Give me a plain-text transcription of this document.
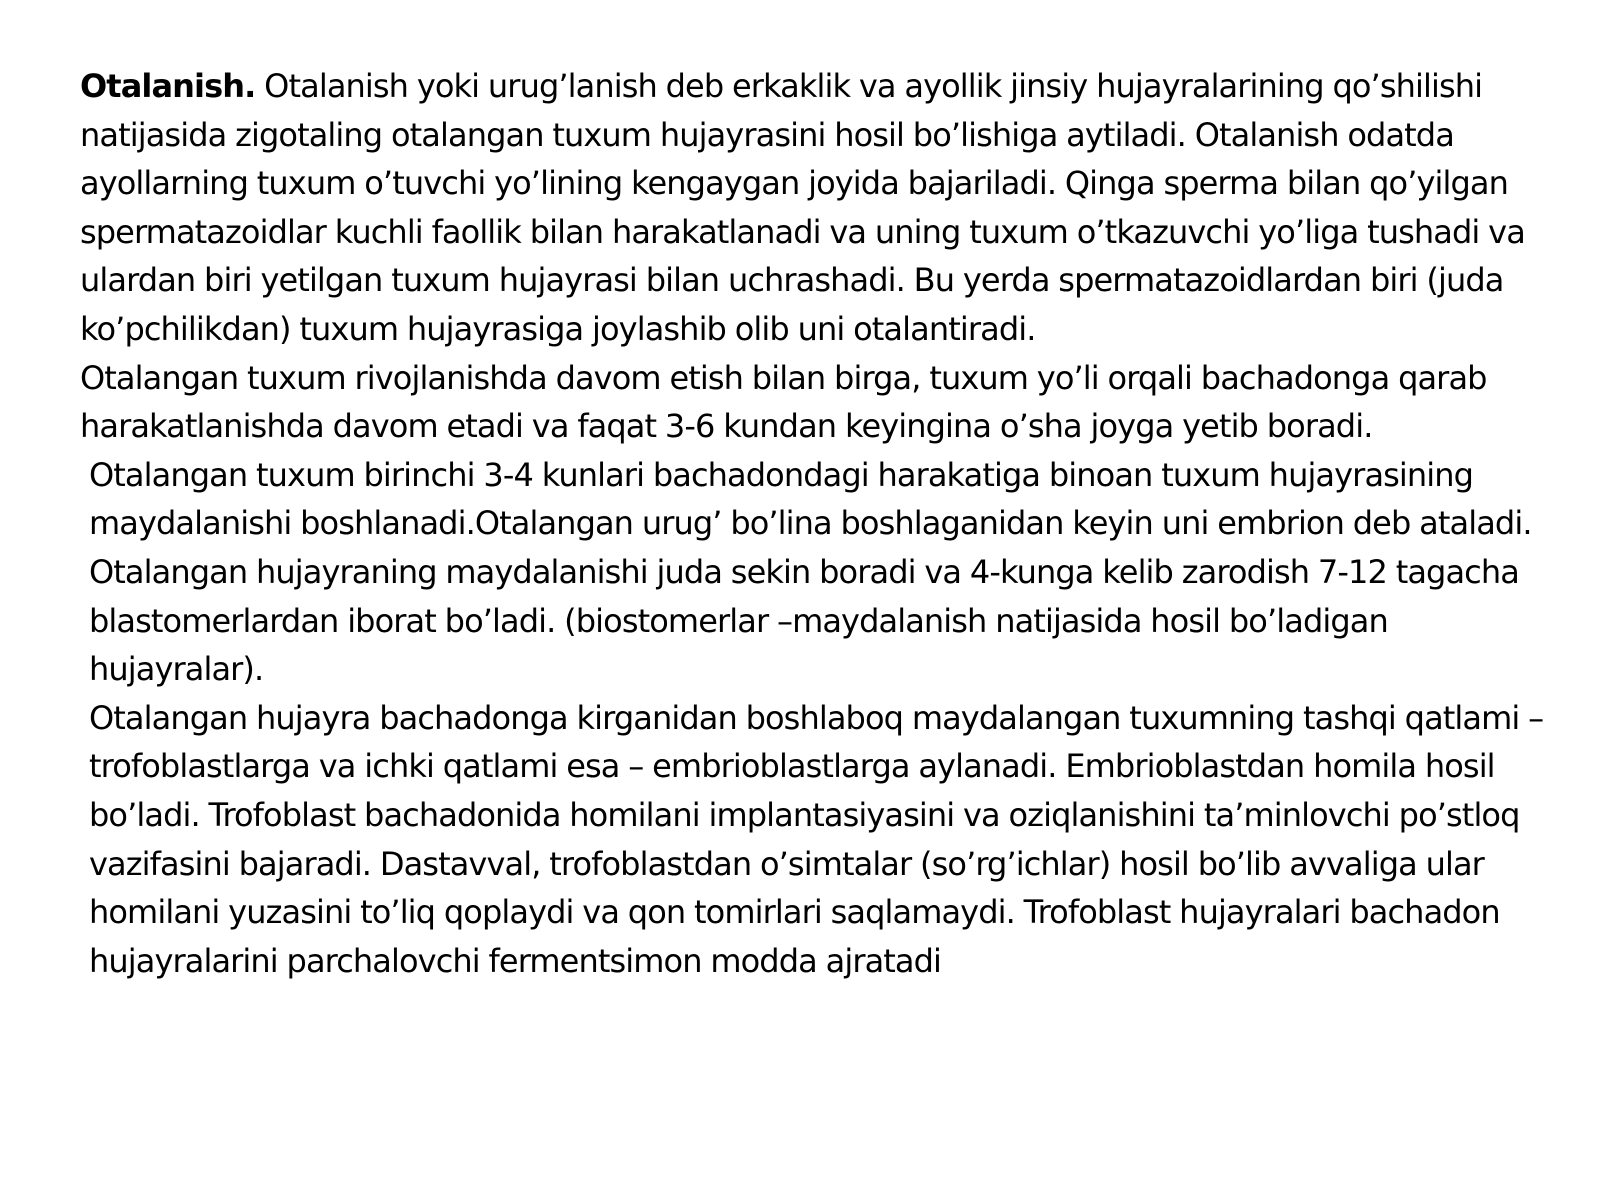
Otalanish. Otalanish yoki urug’lanish deb erkaklik va ayollik jinsiy hujayralarining qo’shilishi natijasida zigotaling otalangan tuxum hujayrasini hosil bo’lishiga aytiladi. Otalanish odatda ayollarning tuxum o’tuvchi yo’lining kengaygan joyida bajariladi. Qinga sperma bilan qo’yilgan spermatazoidlar kuchli faollik bilan harakatlanadi va uning tuxum o’tkazuvchi yo’liga tushadi va ulardan biri yetilgan tuxum hujayrasi bilan uchrashadi. Bu yerda spermatazoidlardan biri (juda ko’pchilikdan) tuxum hujayrasiga joylashib olib uni otalantiradi.

Otalangan tuxum rivojlanishda davom etish bilan birga, tuxum yo’li orqali bachadonga qarab harakatlanishda davom etadi va faqat 3-6 kundan keyingina o’sha joyga yetib boradi.

Otalangan tuxum birinchi 3-4 kunlari bachadondagi harakatiga binoan tuxum hujayrasining maydalanishi boshlanadi.Otalangan urug’ bo’lina boshlaganidan keyin uni embrion deb ataladi.

Otalangan hujayraning maydalanishi juda sekin boradi va 4-kunga kelib zarodish 7-12 tagacha blastomerlardan iborat bo’ladi. (biostomerlar –maydalanish natijasida hosil bo’ladigan hujayralar).

Otalangan hujayra bachadonga kirganidan boshlaboq maydalangan tuxumning tashqi qatlami –trofoblastlarga va ichki qatlami esa – embrioblastlarga aylanadi. Embrioblastdan homila hosil bo’ladi. Trofoblast bachadonida homilani implantasiyasini va oziqlanishini ta’minlovchi po’stloq vazifasini bajaradi. Dastavval, trofoblastdan o’simtalar (so’rg’ichlar) hosil bo’lib avvaliga ular homilani yuzasini to’liq qoplaydi va qon tomirlari saqlamaydi. Trofoblast hujayralari bachadon hujayralarini parchalovchi fermentsimon modda ajratadi
